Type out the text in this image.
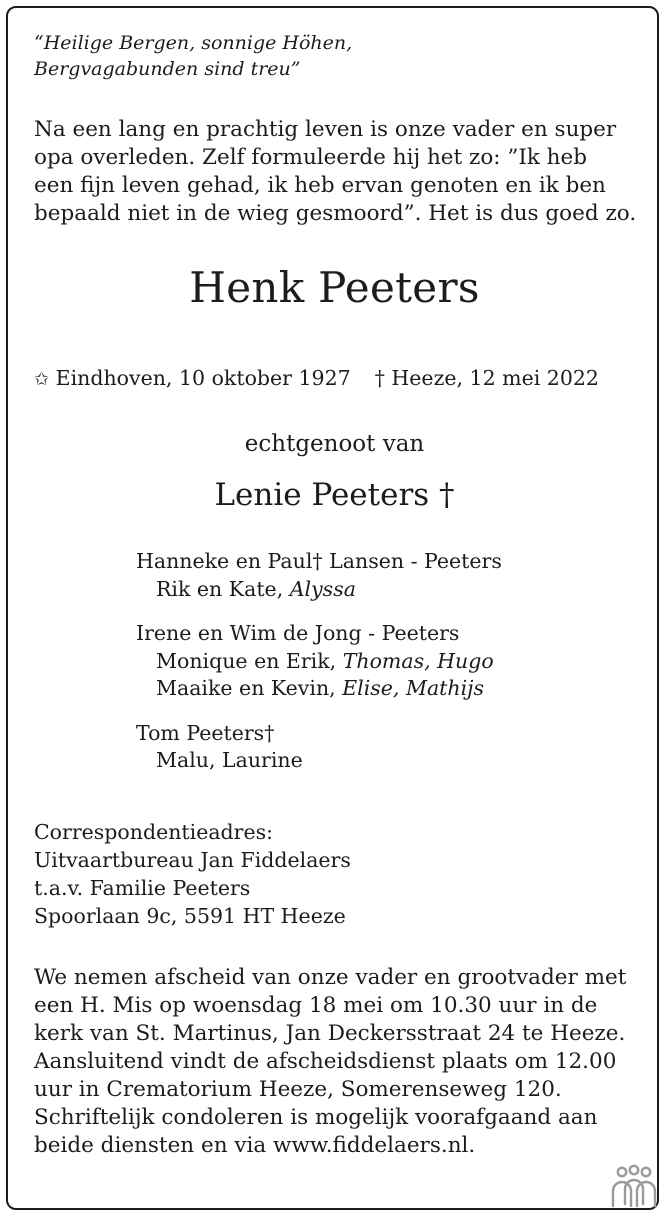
“Heilige Bergen, sonnige Höhen,
Bergvagabunden sind treu”
Na een lang en prachtig leven is onze vader en super
opa overleden. Zelf formuleerde hij het zo: ”Ik heb
een fijn leven gehad, ik heb ervan genoten en ik ben
bepaald niet in de wieg gesmoord”. Het is dus goed zo.
Henk Peeters
✩ Eindhoven, 10 oktober 1927 † Heeze, 12 mei 2022
echtgenoot van
Lenie Peeters †
Hanneke en Paul† Lansen - Peeters
Rik en Kate, Alyssa
Irene en Wim de Jong - Peeters
Monique en Erik, Thomas, Hugo
Maaike en Kevin, Elise, Mathijs
Tom Peeters†
Malu, Laurine
Correspondentieadres:
Uitvaartbureau Jan Fiddelaers
t.a.v. Familie Peeters
Spoorlaan 9c, 5591 HT Heeze
We nemen afscheid van onze vader en grootvader met
een H. Mis op woensdag 18 mei om 10.30 uur in de
kerk van St. Martinus, Jan Deckersstraat 24 te Heeze.
Aansluitend vindt de afscheidsdienst plaats om 12.00
uur in Crematorium Heeze, Somerenseweg 120.
Schriftelijk condoleren is mogelijk voorafgaand aan
beide diensten en via www.fiddelaers.nl.
